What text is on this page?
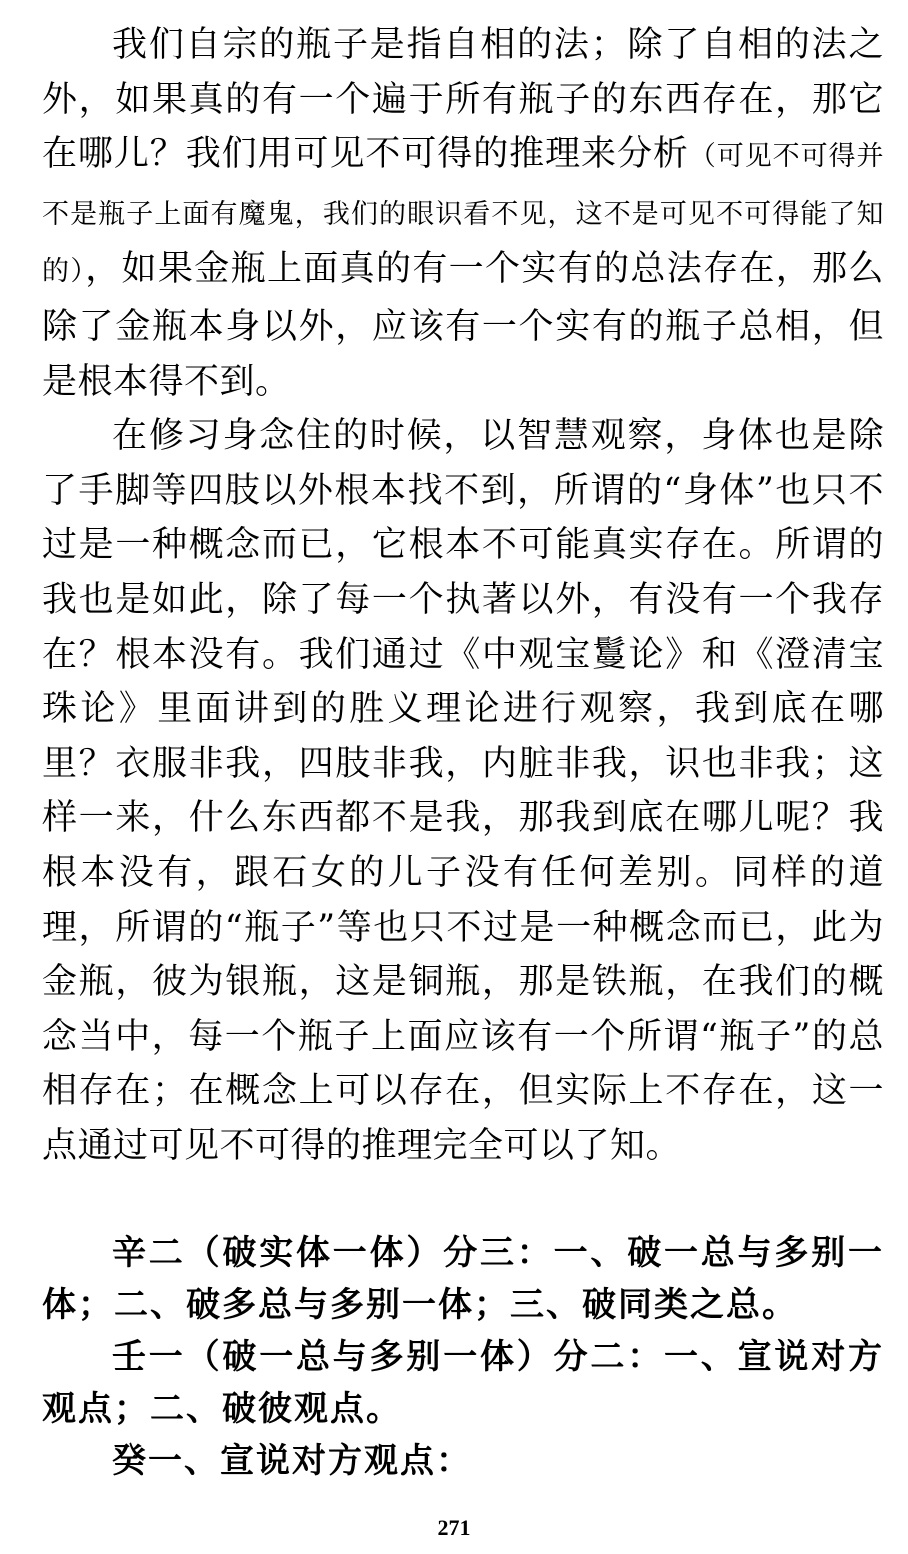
我们自宗的瓶子是指自相的法；除了自相的法之外，如果真的有一个遍于所有瓶子的东西存在，那它在哪儿？我们用可见不可得的推理来分析（可见不可得并不是瓶子上面有魔鬼，我们的眼识看不见，这不是可见不可得能了知的），如果金瓶上面真的有一个实有的总法存在，那么除了金瓶本身以外，应该有一个实有的瓶子总相，但是根本得不到。

在修习身念住的时候，以智慧观察，身体也是除了手脚等四肢以外根本找不到，所谓的“身体”也只不过是一种概念而已，它根本不可能真实存在。所谓的我也是如此，除了每一个执著以外，有没有一个我存在？根本没有。我们通过《中观宝鬘论》和《澄清宝珠论》里面讲到的胜义理论进行观察，我到底在哪里？衣服非我，四肢非我，内脏非我，识也非我；这样一来，什么东西都不是我，那我到底在哪儿呢？我根本没有，跟石女的儿子没有任何差别。同样的道理，所谓的“瓶子”等也只不过是一种概念而已，此为金瓶，彼为银瓶，这是铜瓶，那是铁瓶，在我们的概念当中，每一个瓶子上面应该有一个所谓“瓶子”的总相存在；在概念上可以存在，但实际上不存在，这一点通过可见不可得的推理完全可以了知。

辛二（破实体一体）分三：一、破一总与多别一体；二、破多总与多别一体；三、破同类之总。

壬一（破一总与多别一体）分二：一、宣说对方观点；二、破彼观点。

癸一、宣说对方观点：

271
